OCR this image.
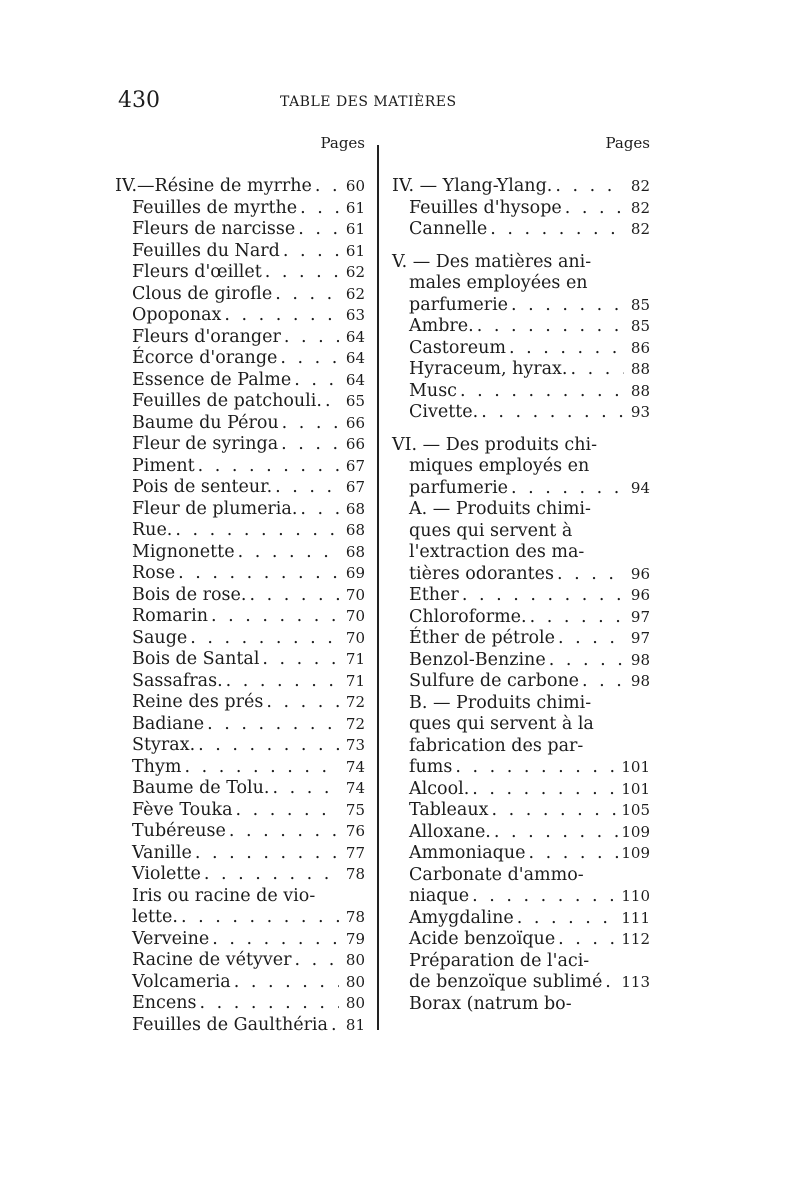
430	TABLE DES MATIÈRES
Pages
IV.—Résine de myrrhe . . .	60
Feuilles de myrthe . . .	61
Fleurs de narcisse . . .	61
Feuilles du Nard . . .	61
Fleurs d'œillet . . .	62
Clous de girofle . . .	62
Opoponax . . .	63
Fleurs d'oranger . . .	64
Écorce d'orange . . .	64
Essence de Palme . . .	64
Feuilles de patchouli. . . .	65
Baume du Pérou . . .	66
Fleur de syringa . . .	66
Piment . . .	67
Pois de senteur. . . .	67
Fleur de plumeria. . . .	68
Rue. . . .	68
Mignonette . . .	68
Rose . . .	69
Bois de rose. . . .	70
Romarin . . .	70
Sauge . . .	70
Bois de Santal . . .	71
Sassafras. . . .	71
Reine des prés . . .	72
Badiane . . .	72
Styrax. . . .	73
Thym . . .	74
Baume de Tolu. . . .	74
Fève Touka . . .	75
Tubéreuse . . .	76
Vanille . . .	77
Violette . . .	78
Iris ou racine de vio-
lette. . . .	78
Verveine . . .	79
Racine de vétyver . . .	80
Volcameria . . .	80
Encens . . .	80
Feuilles de Gaulthéria . . .	81
Pages
IV. — Ylang-Ylang. . . .	82
Feuilles d'hysope . . .	82
Cannelle . . .	82
V. — Des matières ani-
males employées en
parfumerie . . .	85
Ambre. . . .	85
Castoreum . . .	86
Hyraceum, hyrax. . . .	88
Musc . . .	88
Civette. . . .	93
VI. — Des produits chi-
miques employés en
parfumerie . . .	94
A. — Produits chimi-
ques qui servent à
l'extraction des ma-
tières odorantes . . .	96
Ether . . .	96
Chloroforme. . . .	97
Éther de pétrole . . .	97
Benzol-Benzine . . .	98
Sulfure de carbone . . .	98
B. — Produits chimi-
ques qui servent à la
fabrication des par-
fums . . .	101
Alcool. . . .	101
Tableaux . . .	105
Alloxane. . . .	109
Ammoniaque . . .	109
Carbonate d'ammo-
niaque . . .	110
Amygdaline . . .	111
Acide benzoïque . . .	112
Préparation de l'aci-
de benzoïque sublimé . . . 113
Borax (natrum bo-
